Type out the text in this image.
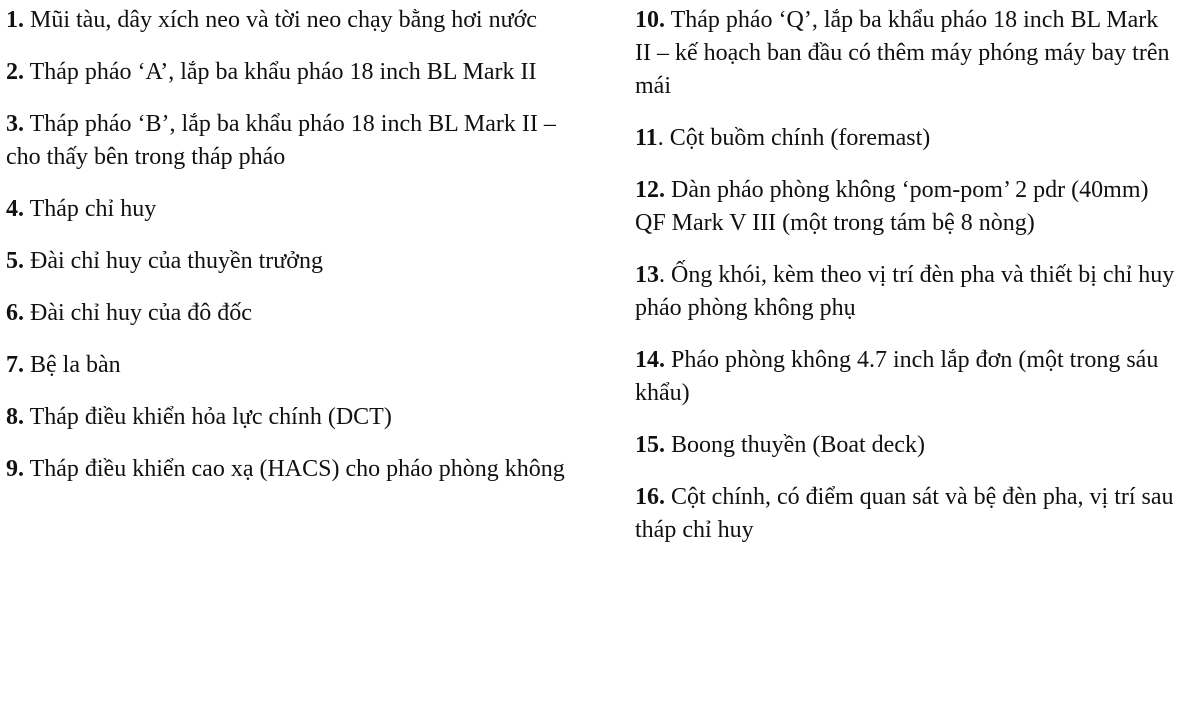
1. Mũi tàu, dây xích neo và tời neo chạy bằng hơi nước

2. Tháp pháo ‘A’, lắp ba khẩu pháo 18 inch BL Mark II

3. Tháp pháo ‘B’, lắp ba khẩu pháo 18 inch BL Mark II – cho thấy bên trong tháp pháo

4. Tháp chỉ huy

5. Đài chỉ huy của thuyền trưởng

6. Đài chỉ huy của đô đốc

7. Bệ la bàn

8. Tháp điều khiển hỏa lực chính (DCT)

9. Tháp điều khiển cao xạ (HACS) cho pháo phòng không

10. Tháp pháo ‘Q’, lắp ba khẩu pháo 18 inch BL Mark II – kế hoạch ban đầu có thêm máy phóng máy bay trên mái

11. Cột buồm chính (foremast)

12. Dàn pháo phòng không ‘pom-pom’ 2 pdr (40mm) QF Mark V III (một trong tám bệ 8 nòng)

13. Ống khói, kèm theo vị trí đèn pha và thiết bị chỉ huy pháo phòng không phụ

14. Pháo phòng không 4.7 inch lắp đơn (một trong sáu khẩu)

15. Boong thuyền (Boat deck)

16. Cột chính, có điểm quan sát và bệ đèn pha, vị trí sau tháp chỉ huy
